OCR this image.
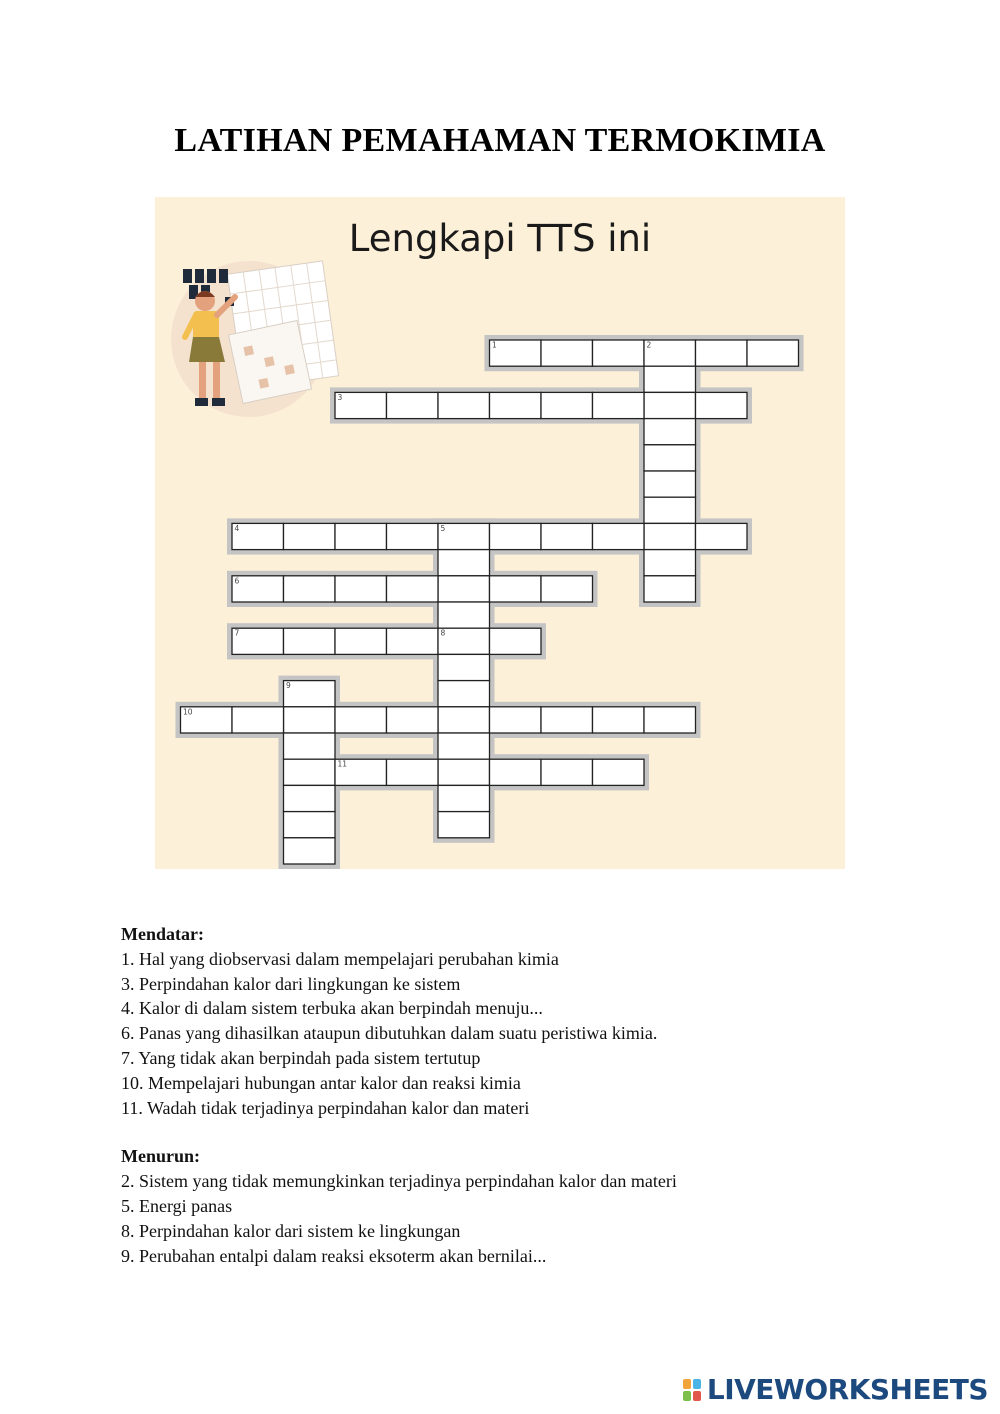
LATIHAN PEMAHAMAN TERMOKIMIA
Lengkapi TTS ini
1	2
3
4	5
6
7	8
9
10
11
Mendatar:
1. Hal yang diobservasi dalam mempelajari perubahan kimia
3. Perpindahan kalor dari lingkungan ke sistem
4. Kalor di dalam sistem terbuka akan berpindah menuju...
6. Panas yang dihasilkan ataupun dibutuhkan dalam suatu peristiwa kimia.
7. Yang tidak akan berpindah pada sistem tertutup
10. Mempelajari hubungan antar kalor dan reaksi kimia
11. Wadah tidak terjadinya perpindahan kalor dan materi
Menurun:
2. Sistem yang tidak memungkinkan terjadinya perpindahan kalor dan materi
5. Energi panas
8. Perpindahan kalor dari sistem ke lingkungan
9. Perubahan entalpi dalam reaksi eksoterm akan bernilai...
LIVEWORKSHEETS
